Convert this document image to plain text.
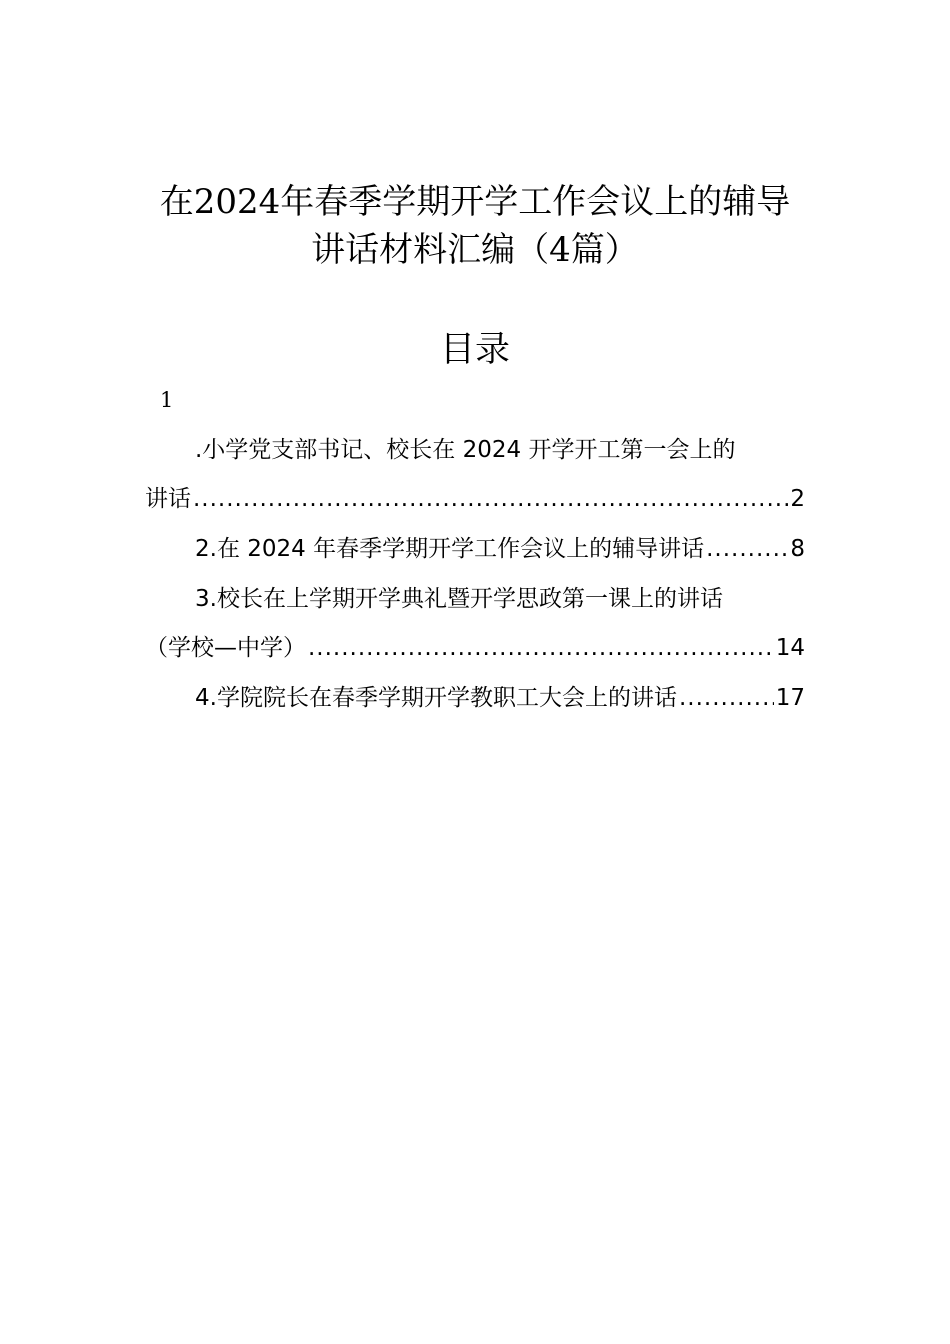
在2024年春季学期开学工作会议上的辅导
讲话材料汇编（4篇）
目录
1
.小学党支部书记、校长在 2024 开学开工第一会上的
讲话 .....	2
2.在 2024 年春季学期开学工作会议上的辅导讲话 .....	8
3.校长在上学期开学典礼暨开学思政第一课上的讲话
（学校—中学） .....	14
4.学院院长在春季学期开学教职工大会上的讲话 .....	17
